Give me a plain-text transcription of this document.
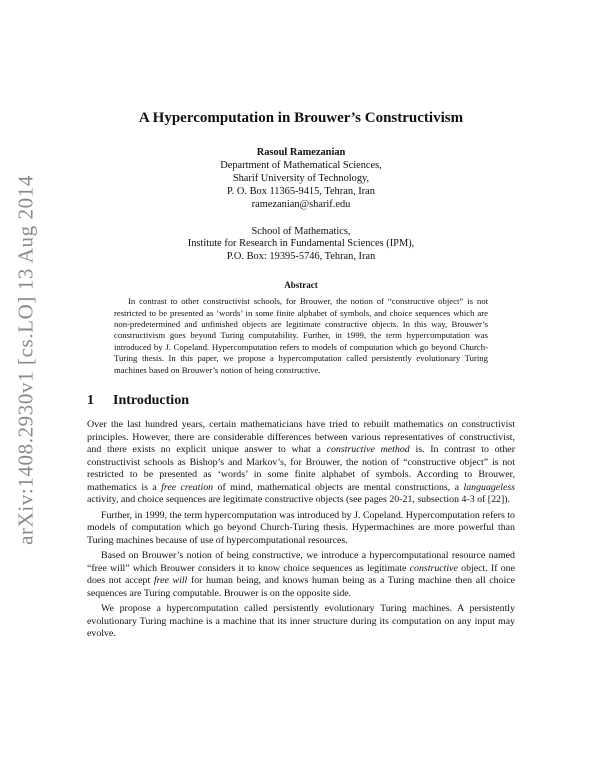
arXiv:1408.2930v1 [cs.LO] 13 Aug 2014
A Hypercomputation in Brouwer’s Constructivism
Rasoul Ramezanian
Department of Mathematical Sciences,
Sharif University of Technology,
P. O. Box 11365-9415, Tehran, Iran
ramezanian@sharif.edu
School of Mathematics,
Institute for Research in Fundamental Sciences (IPM),
P.O. Box: 19395-5746, Tehran, Iran
Abstract

In contrast to other constructivist schools, for Brouwer, the notion of “constructive object” is not restricted to be presented as ‘words’ in some finite alphabet of symbols, and choice sequences which are non-predetermined and unfinished objects are legitimate constructive objects. In this way, Brouwer’s constructivism goes beyond Turing computability. Further, in 1999, the term hypercomputation was introduced by J. Copeland. Hypercomputation refers to models of computation which go beyond Church-Turing thesis. In this paper, we propose a hypercomputation called persistently evolutionary Turing machines based on Brouwer’s notion of being constructive.

1 Introduction

Over the last hundred years, certain mathematicians have tried to rebuilt mathematics on constructivist principles. However, there are considerable differences between various representatives of constructivist, and there exists no explicit unique answer to what a constructive method is. In contrast to other constructivist schools as Bishop’s and Markov’s, for Brouwer, the notion of “constructive object” is not restricted to be presented as ‘words’ in some finite alphabet of symbols. According to Brouwer, mathematics is a free creation of mind, mathematical objects are mental constructions, a languageless activity, and choice sequences are legitimate constructive objects (see pages 20-21, subsection 4-3 of [22]).

Further, in 1999, the term hypercomputation was introduced by J. Copeland. Hypercomputation refers to models of computation which go beyond Church-Turing thesis. Hypermachines are more powerful than Turing machines because of use of hypercomputational resources.

Based on Brouwer’s notion of being constructive, we introduce a hypercomputational resource named “free will” which Brouwer considers it to know choice sequences as legitimate constructive object. If one does not accept free will for human being, and knows human being as a Turing machine then all choice sequences are Turing computable. Brouwer is on the opposite side.

We propose a hypercomputation called persistently evolutionary Turing machines. A persistently evolutionary Turing machine is a machine that its inner structure during its computation on any input may evolve.
